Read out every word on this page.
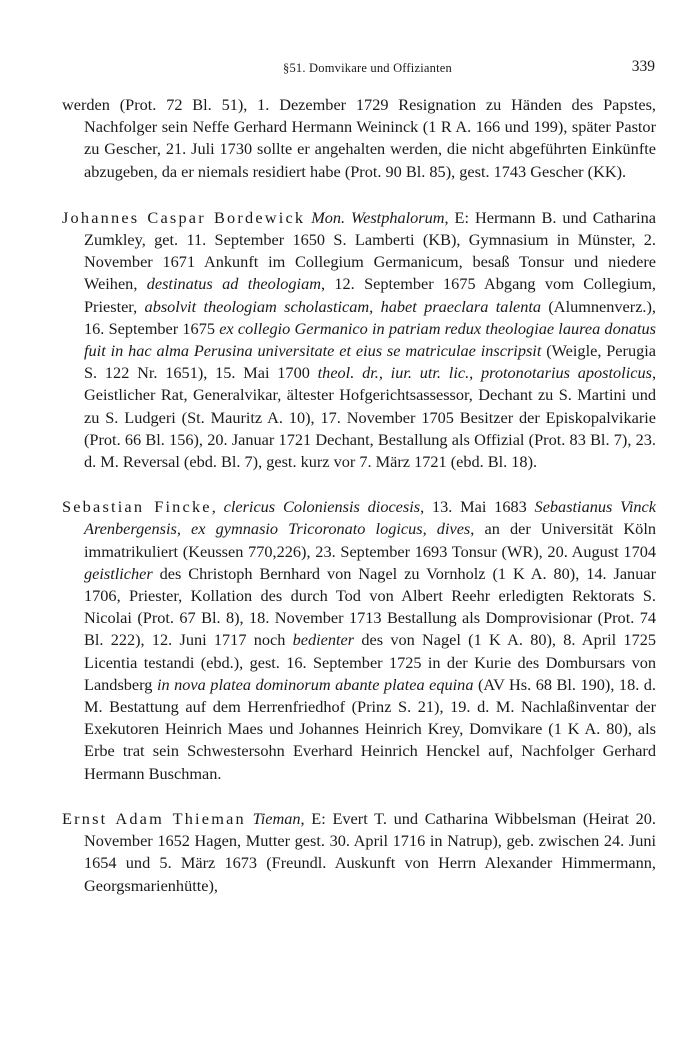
§51. Domvikare und Offizianten	339

werden (Prot. 72 Bl. 51), 1. Dezember 1729 Resignation zu Händen des Papstes, Nachfolger sein Neffe Gerhard Hermann Weininck (1 R A. 166 und 199), später Pastor zu Gescher, 21. Juli 1730 sollte er angehalten werden, die nicht abgeführten Einkünfte abzugeben, da er niemals residiert habe (Prot. 90 Bl. 85), gest. 1743 Gescher (KK).

Johannes Caspar Bordewick Mon. Westphalorum, E: Hermann B. und Catharina Zumkley, get. 11. September 1650 S. Lamberti (KB), Gymnasium in Münster, 2. November 1671 Ankunft im Collegium Germanicum, besaß Tonsur und niedere Weihen, destinatus ad theologiam, 12. September 1675 Abgang vom Collegium, Priester, absolvit theologiam scholasticam, habet praeclara talenta (Alumnenverz.), 16. September 1675 ex collegio Germanico in patriam redux theologiae laurea donatus fuit in hac alma Perusina universitate et eius se matriculae inscripsit (Weigle, Perugia S. 122 Nr. 1651), 15. Mai 1700 theol. dr., iur. utr. lic., protonotarius apostolicus, Geistlicher Rat, Generalvikar, ältester Hofgerichtsassessor, Dechant zu S. Martini und zu S. Ludgeri (St. Mauritz A. 10), 17. November 1705 Besitzer der Episkopalvikarie (Prot. 66 Bl. 156), 20. Januar 1721 Dechant, Bestallung als Offizial (Prot. 83 Bl. 7), 23. d. M. Reversal (ebd. Bl. 7), gest. kurz vor 7. März 1721 (ebd. Bl. 18).

Sebastian Fincke, clericus Coloniensis diocesis, 13. Mai 1683 Sebastianus Vinck Arenbergensis, ex gymnasio Tricoronato logicus, dives, an der Universität Köln immatrikuliert (Keussen 770,226), 23. September 1693 Tonsur (WR), 20. August 1704 geistlicher des Christoph Bernhard von Nagel zu Vornholz (1 K A. 80), 14. Januar 1706, Priester, Kollation des durch Tod von Albert Reehr erledigten Rektorats S. Nicolai (Prot. 67 Bl. 8), 18. November 1713 Bestallung als Domprovisionar (Prot. 74 Bl. 222), 12. Juni 1717 noch bedienter des von Nagel (1 K A. 80), 8. April 1725 Licentia testandi (ebd.), gest. 16. September 1725 in der Kurie des Dombursars von Landsberg in nova platea dominorum abante platea equina (AV Hs. 68 Bl. 190), 18. d. M. Bestattung auf dem Herrenfriedhof (Prinz S. 21), 19. d. M. Nachlaßinventar der Exekutoren Heinrich Maes und Johannes Heinrich Krey, Domvikare (1 K A. 80), als Erbe trat sein Schwestersohn Everhard Heinrich Henckel auf, Nachfolger Gerhard Hermann Buschman.

Ernst Adam Thieman Tieman, E: Evert T. und Catharina Wibbelsman (Heirat 20. November 1652 Hagen, Mutter gest. 30. April 1716 in Natrup), geb. zwischen 24. Juni 1654 und 5. März 1673 (Freundl. Auskunft von Herrn Alexander Himmermann, Georgsmarienhütte),
